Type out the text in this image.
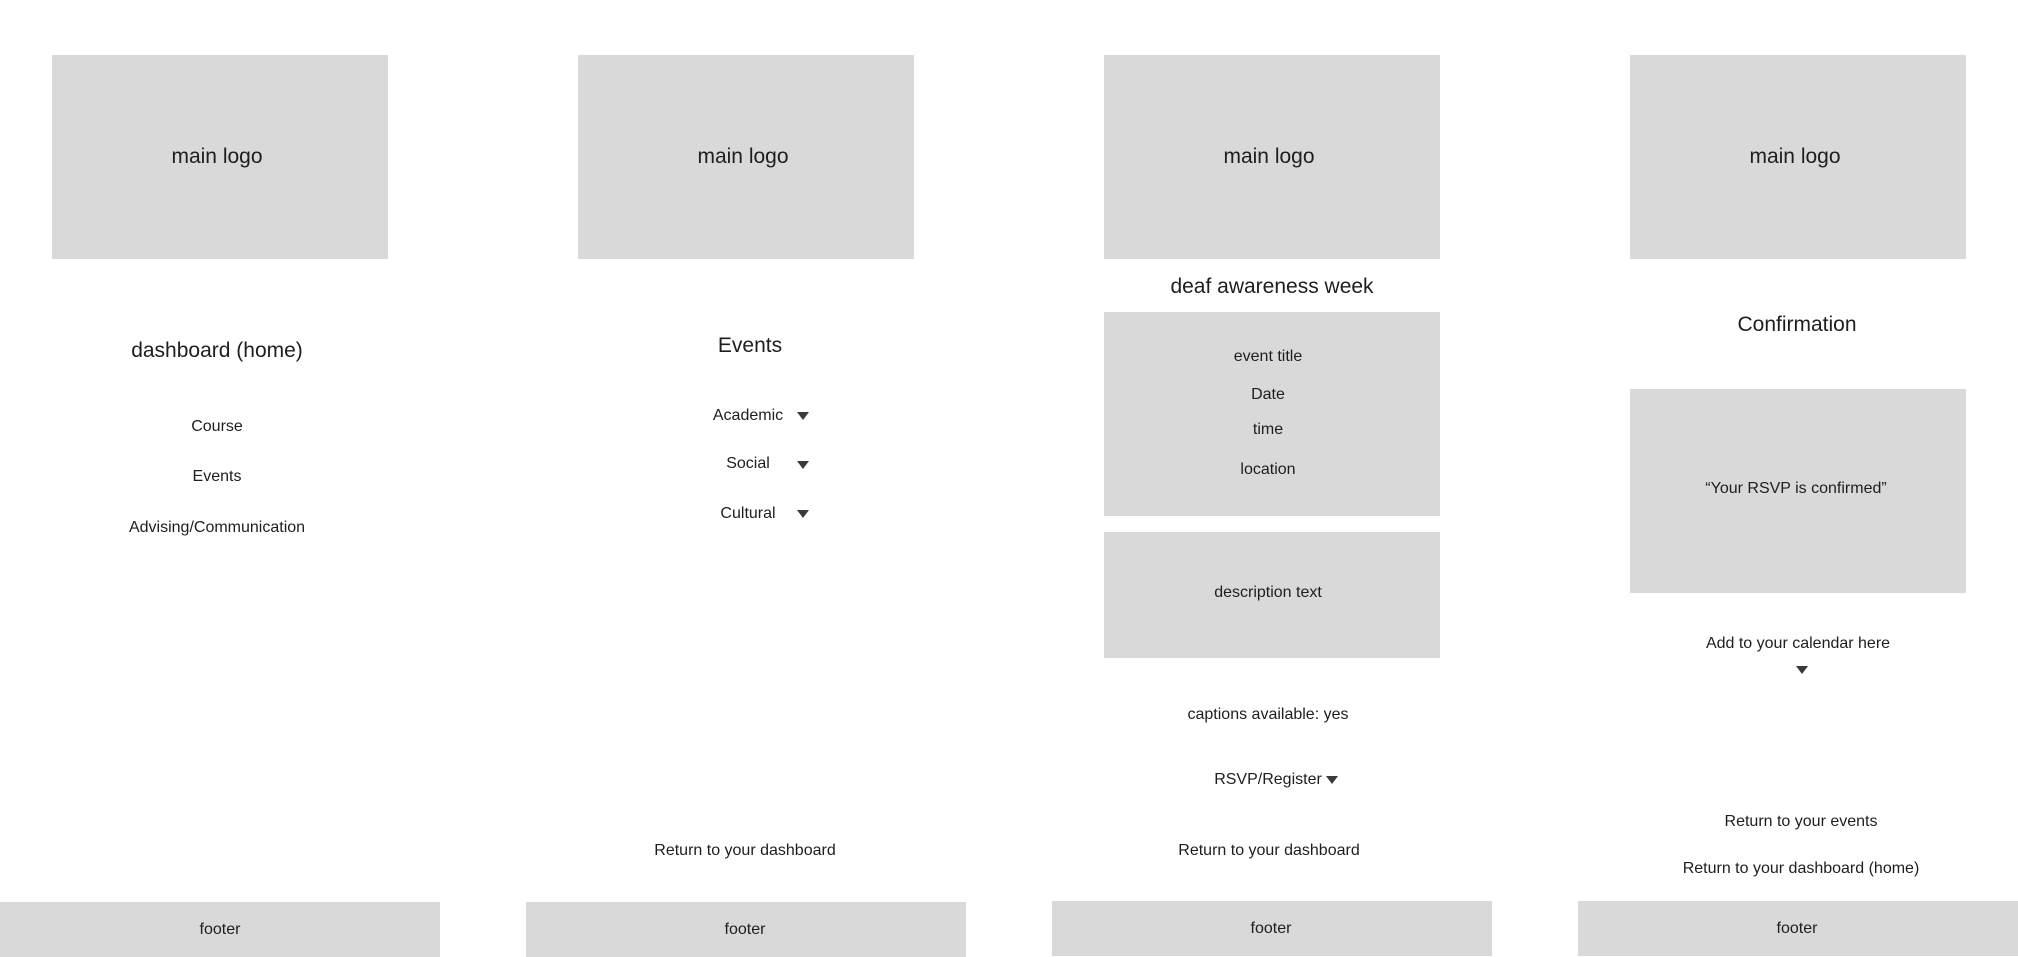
main logo
dashboard (home)
Course
Events
Advising/Communication
footer
main logo
Events
Academic
Social
Cultural
Return to your dashboard
footer
main logo
deaf awareness week
event title
Date
time
location
description text
captions available: yes
RSVP/Register
Return to your dashboard
footer
main logo
Confirmation
“Your RSVP is confirmed”
Add to your calendar here
Return to your events
Return to your dashboard (home)
footer
